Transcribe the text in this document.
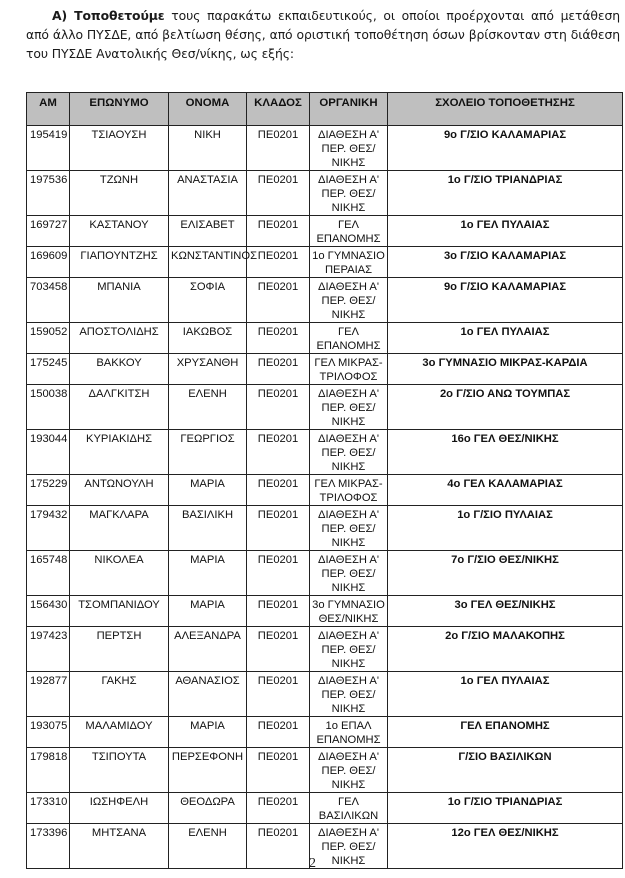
Α) Τοποθετούμε τους παρακάτω εκπαιδευτικούς, οι οποίοι προέρχονται από μετάθεση από άλλο ΠΥΣΔΕ, από βελτίωση θέσης, από οριστική τοποθέτηση όσων βρίσκονταν στη διάθεση του ΠΥΣΔΕ Ανατολικής Θεσ/νίκης, ως εξής:
ΑΜ	ΕΠΩΝΥΜΟ	ΟΝΟΜΑ	ΚΛΑΔΟΣ	ΟΡΓΑΝΙΚΗ	ΣΧΟΛΕΙΟ ΤΟΠΟΘΕΤΗΣΗΣ
195419	ΤΣΙΑΟΥΣΗ	ΝΙΚΗ	ΠΕ0201	ΔΙΑΘΕΣΗ Α' ΠΕΡ. ΘΕΣ/ΝΙΚΗΣ	9ο Γ/ΣΙΟ ΚΑΛΑΜΑΡΙΑΣ
197536	ΤΖΩΝΗ	ΑΝΑΣΤΑΣΙΑ	ΠΕ0201	ΔΙΑΘΕΣΗ Α' ΠΕΡ. ΘΕΣ/ΝΙΚΗΣ	1ο Γ/ΣΙΟ ΤΡΙΑΝΔΡΙΑΣ
169727	ΚΑΣΤΑΝΟΥ	ΕΛΙΣΑΒΕΤ	ΠΕ0201	ΓΕΛ ΕΠΑΝΟΜΗΣ	1ο ΓΕΛ ΠΥΛΑΙΑΣ
169609	ΓΙΑΠΟΥΝΤΖΗΣ	ΚΩΝΣΤΑΝΤΙΝΟΣ	ΠΕ0201	1ο ΓΥΜΝΑΣΙΟ ΠΕΡΑΙΑΣ	3ο Γ/ΣΙΟ ΚΑΛΑΜΑΡΙΑΣ
703458	ΜΠΑΝΙΑ	ΣΟΦΙΑ	ΠΕ0201	ΔΙΑΘΕΣΗ Α' ΠΕΡ. ΘΕΣ/ΝΙΚΗΣ	9ο Γ/ΣΙΟ ΚΑΛΑΜΑΡΙΑΣ
159052	ΑΠΟΣΤΟΛΙΔΗΣ	ΙΑΚΩΒΟΣ	ΠΕ0201	ΓΕΛ ΕΠΑΝΟΜΗΣ	1ο ΓΕΛ ΠΥΛΑΙΑΣ
175245	ΒΑΚΚΟΥ	ΧΡΥΣΑΝΘΗ	ΠΕ0201	ΓΕΛ ΜΙΚΡΑΣ-ΤΡΙΛΟΦΟΣ	3ο ΓΥΜΝΑΣΙΟ ΜΙΚΡΑΣ-ΚΑΡΔΙΑ
150038	ΔΑΛΓΚΙΤΣΗ	ΕΛΕΝΗ	ΠΕ0201	ΔΙΑΘΕΣΗ Α' ΠΕΡ. ΘΕΣ/ΝΙΚΗΣ	2ο Γ/ΣΙΟ ΑΝΩ ΤΟΥΜΠΑΣ
193044	ΚΥΡΙΑΚΙΔΗΣ	ΓΕΩΡΓΙΟΣ	ΠΕ0201	ΔΙΑΘΕΣΗ Α' ΠΕΡ. ΘΕΣ/ΝΙΚΗΣ	16ο ΓΕΛ ΘΕΣ/ΝΙΚΗΣ
175229	ΑΝΤΩΝΟΥΛΗ	ΜΑΡΙΑ	ΠΕ0201	ΓΕΛ ΜΙΚΡΑΣ-ΤΡΙΛΟΦΟΣ	4ο ΓΕΛ ΚΑΛΑΜΑΡΙΑΣ
179432	ΜΑΓΚΛΑΡΑ	ΒΑΣΙΛΙΚΗ	ΠΕ0201	ΔΙΑΘΕΣΗ Α' ΠΕΡ. ΘΕΣ/ΝΙΚΗΣ	1ο Γ/ΣΙΟ ΠΥΛΑΙΑΣ
165748	ΝΙΚΟΛΕΑ	ΜΑΡΙΑ	ΠΕ0201	ΔΙΑΘΕΣΗ Α' ΠΕΡ. ΘΕΣ/ΝΙΚΗΣ	7ο Γ/ΣΙΟ ΘΕΣ/ΝΙΚΗΣ
156430	ΤΣΟΜΠΑΝΙΔΟΥ	ΜΑΡΙΑ	ΠΕ0201	3ο ΓΥΜΝΑΣΙΟ ΘΕΣ/ΝΙΚΗΣ	3ο ΓΕΛ ΘΕΣ/ΝΙΚΗΣ
197423	ΠΕΡΤΣΗ	ΑΛΕΞΑΝΔΡΑ	ΠΕ0201	ΔΙΑΘΕΣΗ Α' ΠΕΡ. ΘΕΣ/ΝΙΚΗΣ	2ο Γ/ΣΙΟ ΜΑΛΑΚΟΠΗΣ
192877	ΓΑΚΗΣ	ΑΘΑΝΑΣΙΟΣ	ΠΕ0201	ΔΙΑΘΕΣΗ Α' ΠΕΡ. ΘΕΣ/ΝΙΚΗΣ	1ο ΓΕΛ ΠΥΛΑΙΑΣ
193075	ΜΑΛΑΜΙΔΟΥ	ΜΑΡΙΑ	ΠΕ0201	1ο ΕΠΑΛ ΕΠΑΝΟΜΗΣ	ΓΕΛ ΕΠΑΝΟΜΗΣ
179818	ΤΣΙΠΟΥΤΑ	ΠΕΡΣΕΦΟΝΗ	ΠΕ0201	ΔΙΑΘΕΣΗ Α' ΠΕΡ. ΘΕΣ/ΝΙΚΗΣ	Γ/ΣΙΟ ΒΑΣΙΛΙΚΩΝ
173310	ΙΩΣΗΦΕΛΗ	ΘΕΟΔΩΡΑ	ΠΕ0201	ΓΕΛ ΒΑΣΙΛΙΚΩΝ	1ο Γ/ΣΙΟ ΤΡΙΑΝΔΡΙΑΣ
173396	ΜΗΤΣΑΝΑ	ΕΛΕΝΗ	ΠΕ0201	ΔΙΑΘΕΣΗ Α' ΠΕΡ. ΘΕΣ/ΝΙΚΗΣ	12ο ΓΕΛ ΘΕΣ/ΝΙΚΗΣ
2
